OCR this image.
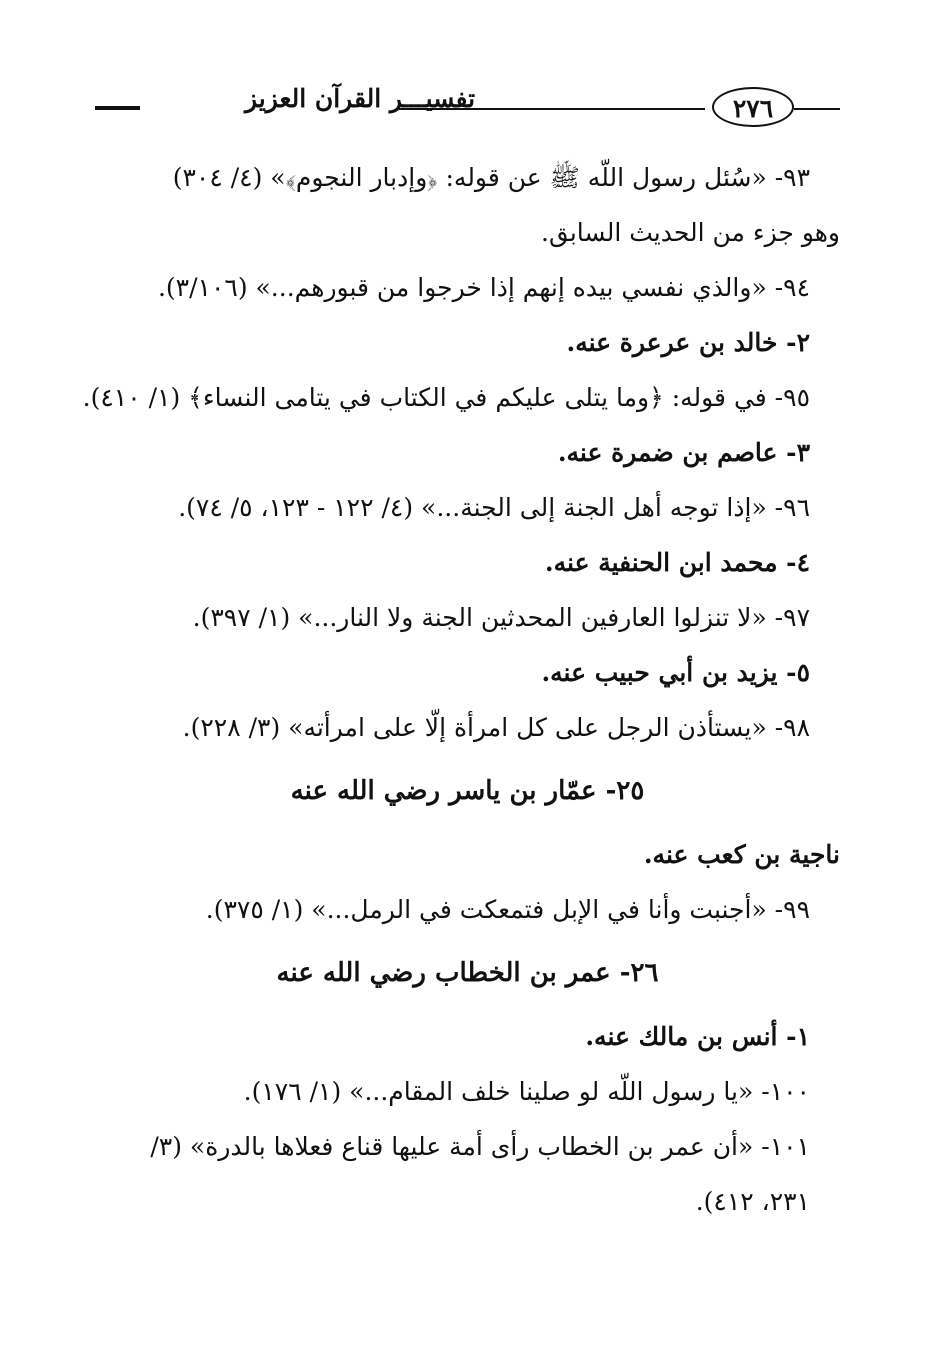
تفسيـــر القرآن العزيز	٢٧٦
٩٣- «سُئل رسول اللّه ﷺ عن قوله: ﴿وإدبار النجوم﴾» (٤/ ٣٠٤)
وهو جزء من الحديث السابق.
٩٤- «والذي نفسي بيده إنهم إذا خرجوا من قبورهم...» (٣/١٠٦).
٢- خالد بن عرعرة عنه.
٩٥- في قوله: ﴿وما يتلى عليكم في الكتاب في يتامى النساء﴾ (١/ ٤١٠).
٣- عاصم بن ضمرة عنه.
٩٦- «إذا توجه أهل الجنة إلى الجنة...» (٤/ ١٢٢ - ١٢٣، ٥/ ٧٤).
٤- محمد ابن الحنفية عنه.
٩٧- «لا تنزلوا العارفين المحدثين الجنة ولا النار...» (١/ ٣٩٧).
٥- يزيد بن أبي حبيب عنه.
٩٨- «يستأذن الرجل على كل امرأة إلّا على امرأته» (٣/ ٢٢٨).
٢٥- عمّار بن ياسر رضي الله عنه
ناجية بن كعب عنه.
٩٩- «أجنبت وأنا في الإبل فتمعكت في الرمل...» (١/ ٣٧٥).
٢٦- عمر بن الخطاب رضي الله عنه
١- أنس بن مالك عنه.
١٠٠- «يا رسول اللّه لو صلينا خلف المقام...» (١/ ١٧٦).
١٠١- «أن عمر بن الخطاب رأى أمة عليها قناع فعلاها بالدرة» (٣/
٢٣١، ٤١٢).
